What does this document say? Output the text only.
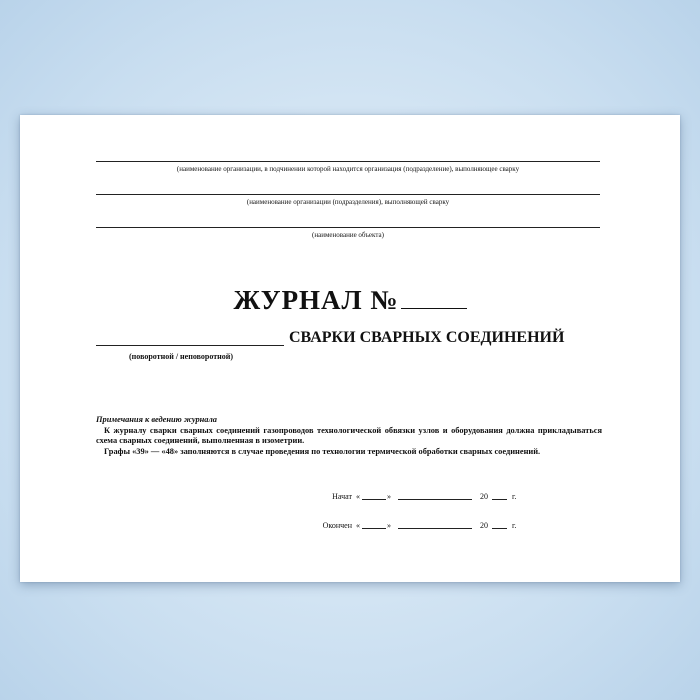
(наименование организации, в подчинении которой находится организация (подразделение), выполняющее сварку
(наименование организации (подразделения), выполняющей сварку
(наименование объекта)
ЖУРНАЛ №
СВАРКИ СВАРНЫХ СОЕДИНЕНИЙ
(поворотной / неповоротной)
Примечания к ведению журнала

К журналу сварки сварных соединений газопроводов технологической обвязки узлов и оборудования должна прикладываться схема сварных соединений, выполненная в изометрии.

Графы «39» — «48» заполняются в случае проведения по технологии термической обработки сварных соединений.

Начат «	»	20	г.
Окончен «	»	20	г.
